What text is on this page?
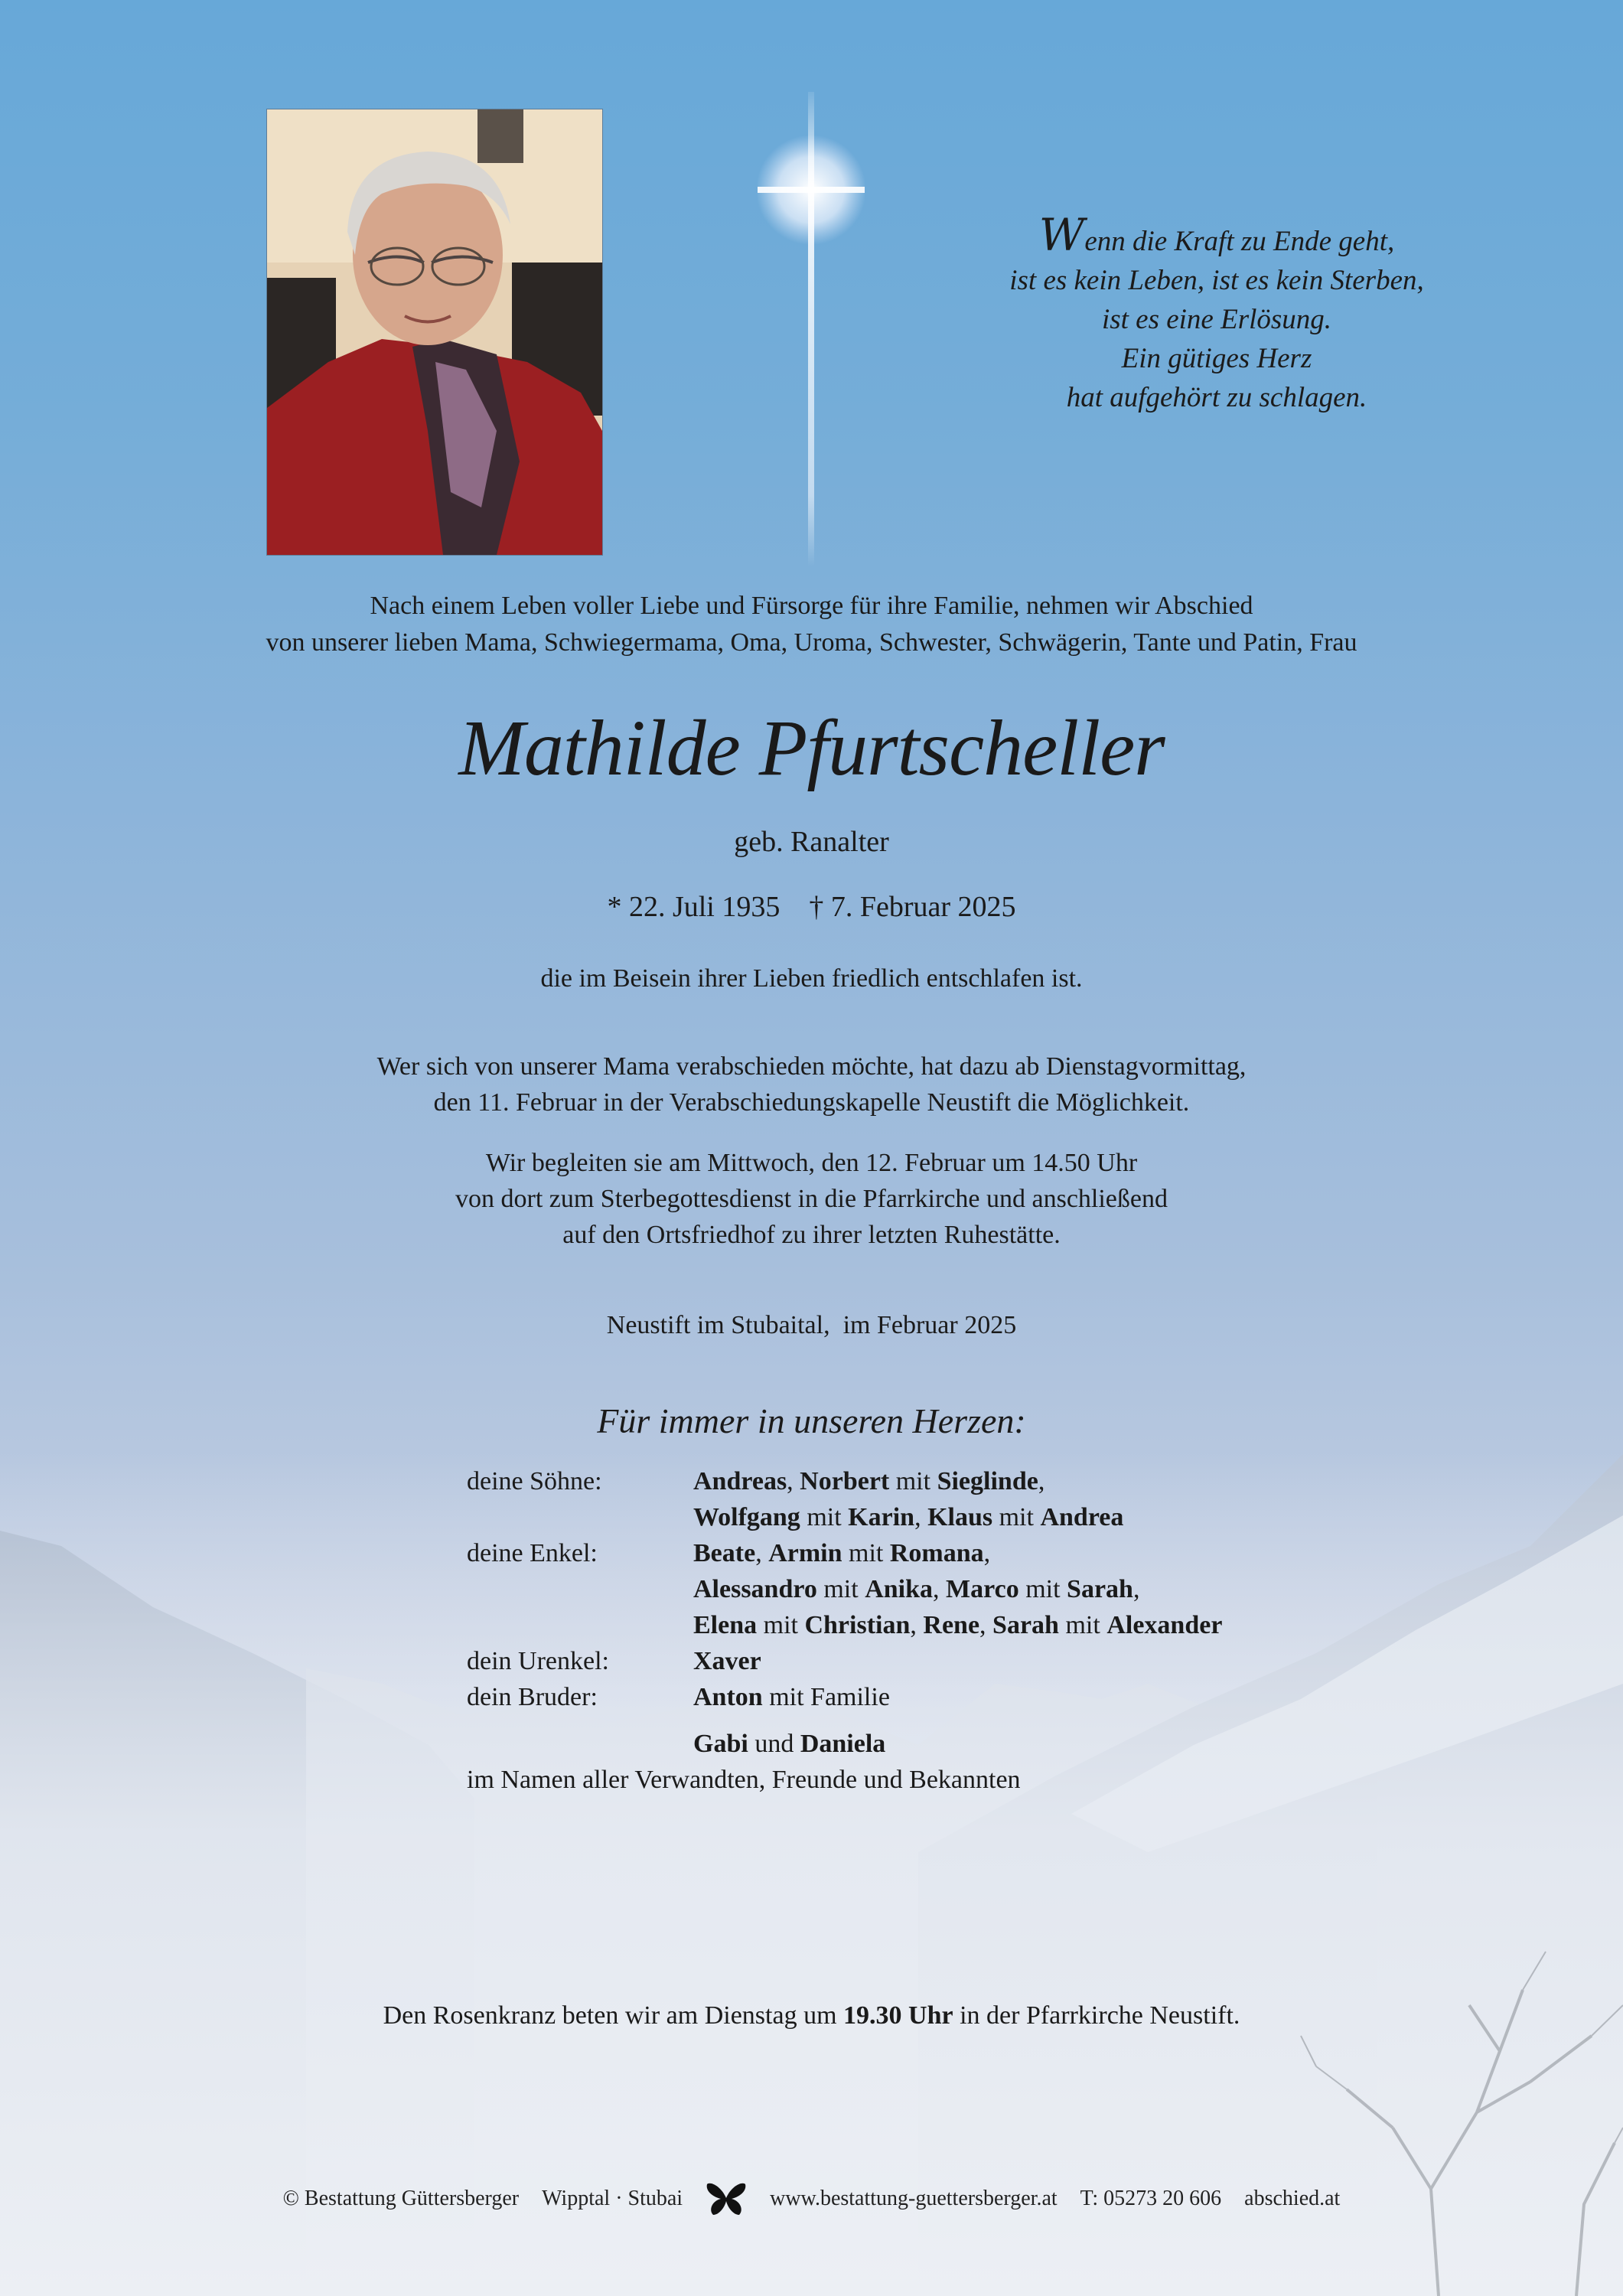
Wenn die Kraft zu Ende geht,
ist es kein Leben, ist es kein Sterben,
ist es eine Erlösung.
Ein gütiges Herz
hat aufgehört zu schlagen.
Nach einem Leben voller Liebe und Fürsorge für ihre Familie, nehmen wir Abschied
von unserer lieben Mama, Schwiegermama, Oma, Uroma, Schwester, Schwägerin, Tante und Patin, Frau
Mathilde Pfurtscheller
geb. Ranalter
* 22. Juli 1935    † 7. Februar 2025
die im Beisein ihrer Lieben friedlich entschlafen ist.
Wer sich von unserer Mama verabschieden möchte, hat dazu ab Dienstagvormittag,
den 11. Februar in der Verabschiedungskapelle Neustift die Möglichkeit.
Wir begleiten sie am Mittwoch, den 12. Februar um 14.50 Uhr
von dort zum Sterbegottesdienst in die Pfarrkirche und anschließend
auf den Ortsfriedhof zu ihrer letzten Ruhestätte.
Neustift im Stubaital,  im Februar 2025
Für immer in unseren Herzen:
deine Söhne:	Andreas, Norbert mit Sieglinde,
Wolfgang mit Karin, Klaus mit Andrea
deine Enkel:	Beate, Armin mit Romana,
Alessandro mit Anika, Marco mit Sarah,
Elena mit Christian, Rene, Sarah mit Alexander
dein Urenkel:	Xaver
dein Bruder:	Anton mit Familie
Gabi und Daniela
im Namen aller Verwandten, Freunde und Bekannten
Den Rosenkranz beten wir am Dienstag um 19.30 Uhr in der Pfarrkirche Neustift.
© Bestattung Güttersberger Wipptal · Stubai	www.bestattung-guettersberger.at T: 05273 20 606 abschied.at
